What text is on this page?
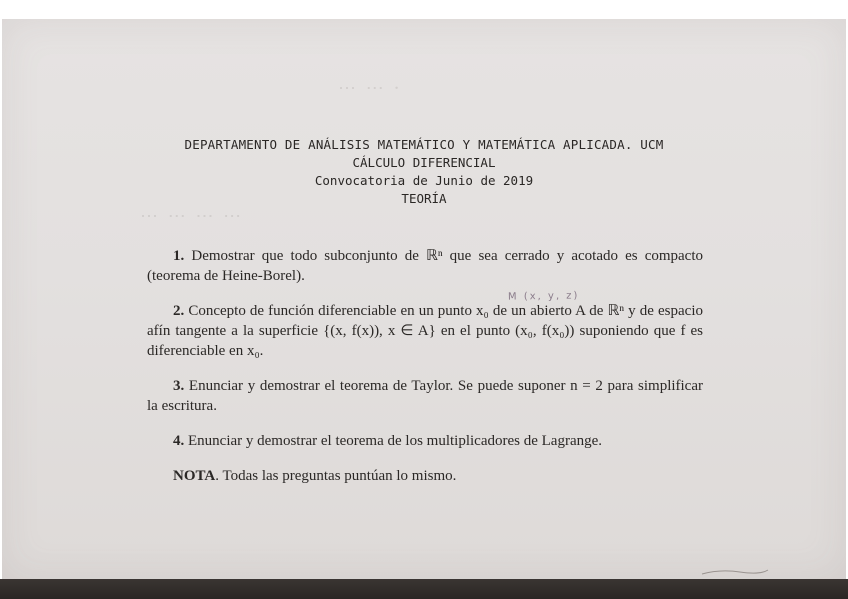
⋯ ⋯ ⋅
⋯ ⋯ ⋯ ⋯
DEPARTAMENTO DE ANÁLISIS MATEMÁTICO Y MATEMÁTICA APLICADA. UCM
CÁLCULO DIFERENCIAL
Convocatoria de Junio de 2019
TEORÍA
M (x, y, z)

1. Demostrar que todo subconjunto de ℝⁿ que sea cerrado y acotado es compacto (teorema de Heine-Borel).

2. Concepto de función diferenciable en un punto x₀ de un abierto A de ℝⁿ y de espacio afín tangente a la superficie {(x, f(x)), x ∈ A} en el punto (x₀, f(x₀)) suponiendo que f es diferenciable en x₀.

3. Enunciar y demostrar el teorema de Taylor. Se puede suponer n = 2 para simplificar la escritura.

4. Enunciar y demostrar el teorema de los multiplicadores de Lagrange.

NOTA. Todas las preguntas puntúan lo mismo.
